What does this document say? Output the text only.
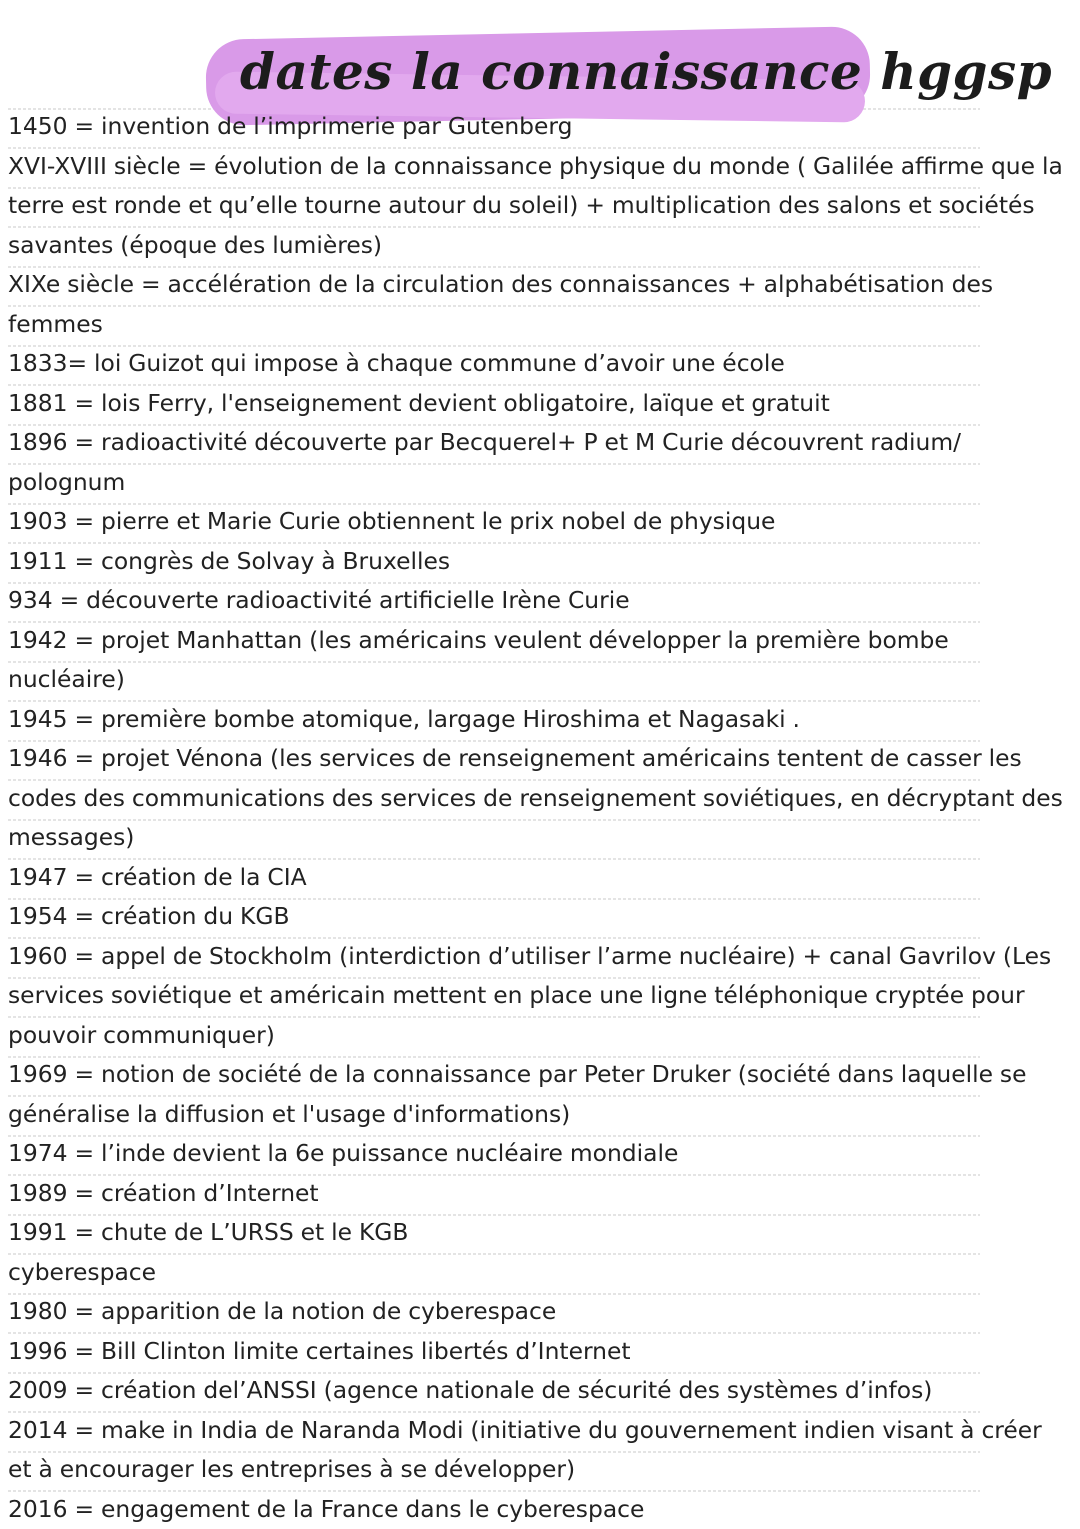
dates la connaissance hggsp

1450 = invention de l’imprimerie par Gutenberg

XVI-XVIII siècle = évolution de la connaissance physique du monde ( Galilée affirme que la terre est ronde et qu’elle tourne autour du soleil) + multiplication des salons et sociétés savantes (époque des lumières)

XIXe siècle = accélération de la circulation des connaissances + alphabétisation des femmes

1833= loi Guizot qui impose à chaque commune d’avoir une école

1881 = lois Ferry, l'enseignement devient obligatoire, laïque et gratuit

1896 = radioactivité découverte par Becquerel+ P et M Curie découvrent radium/ polognum

1903 = pierre et Marie Curie obtiennent le prix nobel de physique

1911 = congrès de Solvay à Bruxelles

934 = découverte radioactivité artificielle Irène Curie

1942 = projet Manhattan (les américains veulent développer la première bombe nucléaire)

1945 = première bombe atomique, largage Hiroshima et Nagasaki .

1946 = projet Vénona (les services de renseignement américains tentent de casser les codes des communications des services de renseignement soviétiques, en décryptant des messages)

1947 = création de la CIA

1954 = création du KGB

1960 = appel de Stockholm (interdiction d’utiliser l’arme nucléaire) + canal Gavrilov (Les services soviétique et américain mettent en place une ligne téléphonique cryptée pour pouvoir communiquer)

1969 = notion de société de la connaissance par Peter Druker (société dans laquelle se généralise la diffusion et l'usage d'informations)

1974 = l’inde devient la 6e puissance nucléaire mondiale

1989 = création d’Internet

1991 = chute de L’URSS et le KGB

cyberespace

1980 = apparition de la notion de cyberespace

1996 = Bill Clinton limite certaines libertés d’Internet

2009 = création del’ANSSI (agence nationale de sécurité des systèmes d’infos)

2014 = make in India de Naranda Modi (initiative du gouvernement indien visant à créer et à encourager les entreprises à se développer)

2016 = engagement de la France dans le cyberespace
